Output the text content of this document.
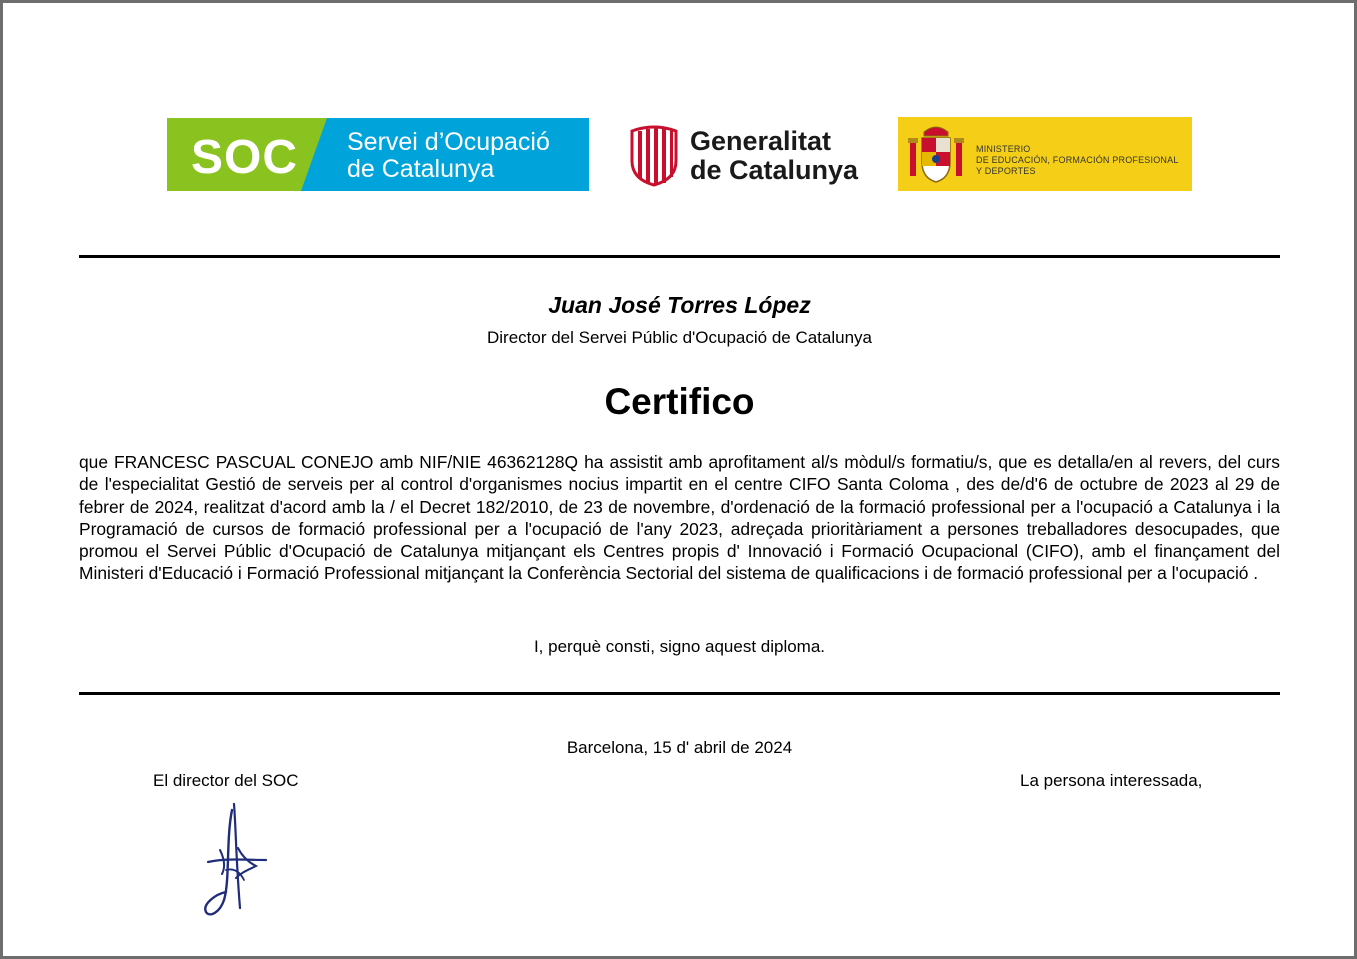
SOC Servei d’Ocupació
de Catalunya
Generalitat
de Catalunya
MINISTERIO
DE EDUCACIÓN, FORMACIÓN PROFESIONAL
Y DEPORTES
Juan José Torres López
Director del Servei Públic d'Ocupació de Catalunya
Certifico
que FRANCESC PASCUAL CONEJO amb NIF/NIE 46362128Q ha assistit amb aprofitament al/s mòdul/s formatiu/s, que es detalla/en al revers, del curs de l'especialitat Gestió de serveis per al control d'organismes nocius impartit en el centre CIFO Santa Coloma , des de/d'6 de octubre de 2023 al 29 de febrer de 2024, realitzat d'acord amb la / el Decret 182/2010, de 23 de novembre, d'ordenació de la formació professional per a l'ocupació a Catalunya i la Programació de cursos de formació professional per a l'ocupació de l'any 2023, adreçada prioritàriament a persones treballadores desocupades, que promou el Servei Públic d'Ocupació de Catalunya mitjançant els Centres propis d' Innovació i Formació Ocupacional (CIFO), amb el finançament del Ministeri d'Educació i Formació Professional mitjançant la Conferència Sectorial del sistema de qualificacions i de formació professional per a l'ocupació .
I, perquè consti, signo aquest diploma.
Barcelona, 15 d' abril de 2024
El director del SOC	La persona interessada,
